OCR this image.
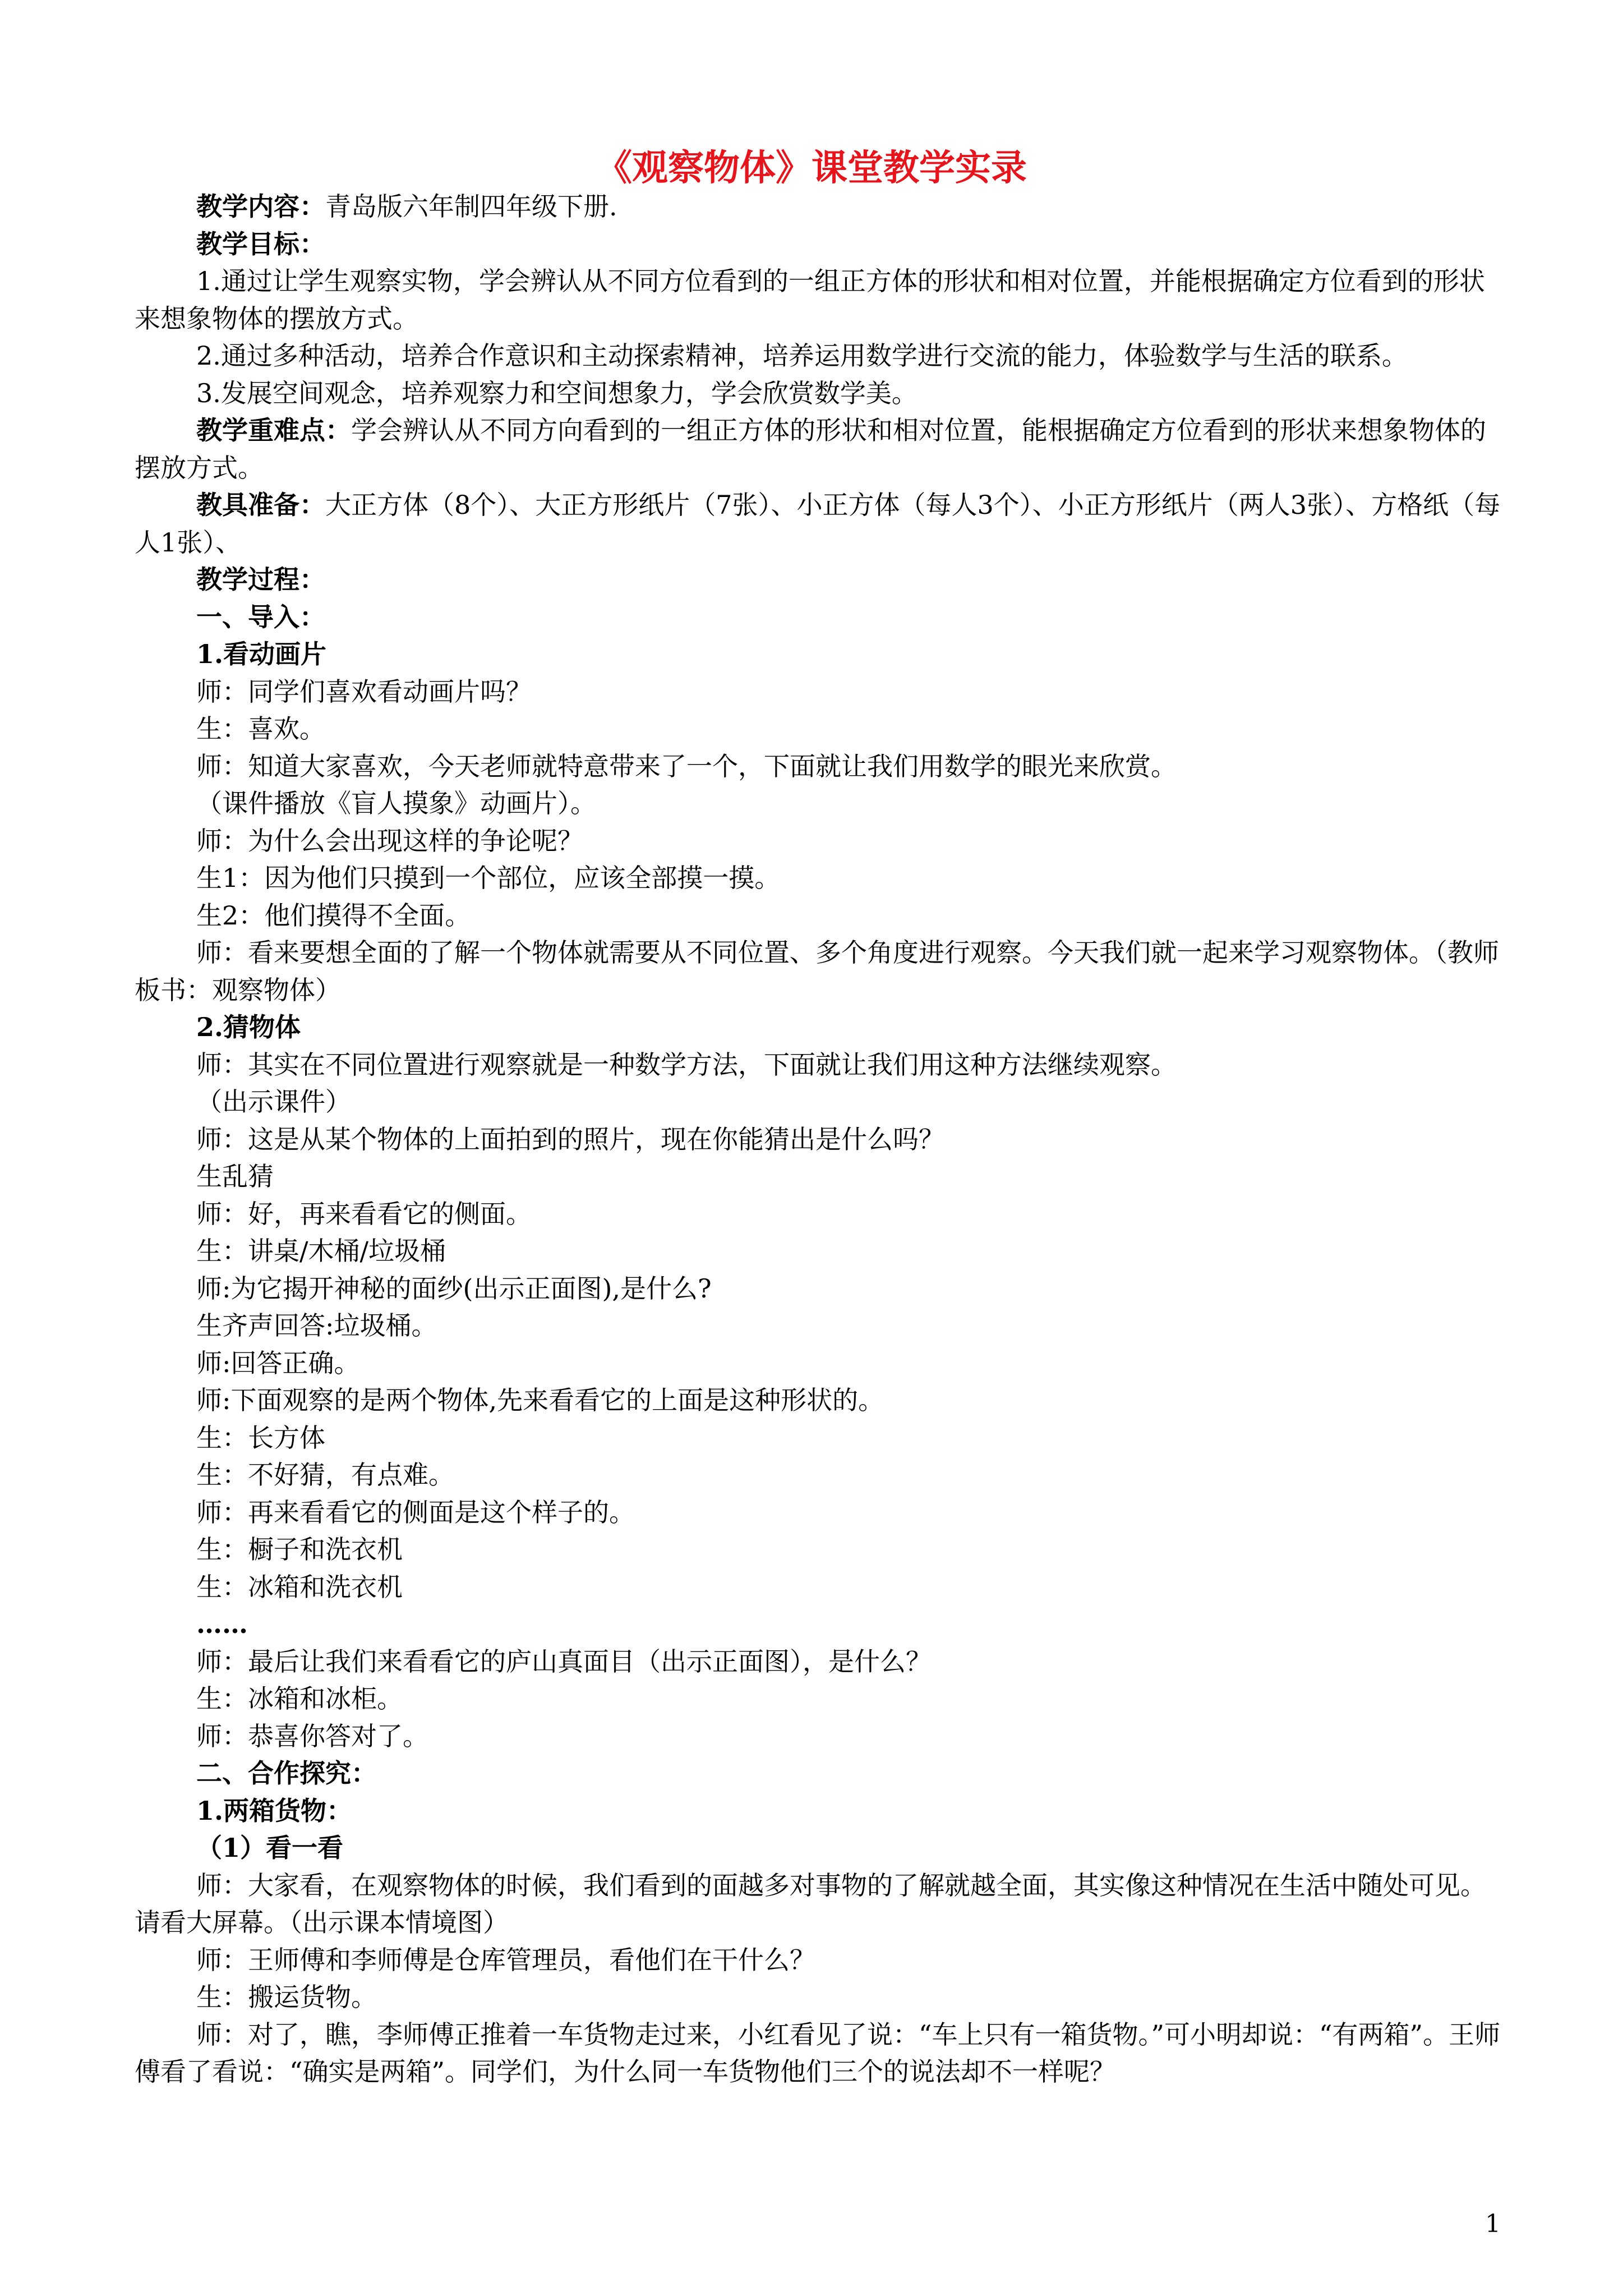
《观察物体》课堂教学实录

教学内容：青岛版六年制四年级下册.

教学目标：

1.通过让学生观察实物，学会辨认从不同方位看到的一组正方体的形状和相对位置，并能根据确定方位看到的形状来想象物体的摆放方式。

2.通过多种活动，培养合作意识和主动探索精神，培养运用数学进行交流的能力，体验数学与生活的联系。

3.发展空间观念，培养观察力和空间想象力，学会欣赏数学美。

教学重难点：学会辨认从不同方向看到的一组正方体的形状和相对位置，能根据确定方位看到的形状来想象物体的摆放方式。

教具准备：大正方体（8个）、大正方形纸片（7张）、小正方体（每人3个）、小正方形纸片（两人3张）、方格纸（每人1张）、

教学过程：

一、导入：

1.看动画片

师：同学们喜欢看动画片吗？

生：喜欢。

师：知道大家喜欢，今天老师就特意带来了一个，下面就让我们用数学的眼光来欣赏。

（课件播放《盲人摸象》动画片）。

师：为什么会出现这样的争论呢？

生1：因为他们只摸到一个部位，应该全部摸一摸。

生2：他们摸得不全面。

师：看来要想全面的了解一个物体就需要从不同位置、多个角度进行观察。今天我们就一起来学习观察物体。（教师板书：观察物体）

2.猜物体

师：其实在不同位置进行观察就是一种数学方法，下面就让我们用这种方法继续观察。

（出示课件）

师：这是从某个物体的上面拍到的照片，现在你能猜出是什么吗？

生乱猜

师：好，再来看看它的侧面。

生：讲桌/木桶/垃圾桶

师:为它揭开神秘的面纱(出示正面图),是什么?

生齐声回答:垃圾桶。

师:回答正确。

师:下面观察的是两个物体,先来看看它的上面是这种形状的。

生：长方体

生：不好猜，有点难。

师：再来看看它的侧面是这个样子的。

生：橱子和洗衣机

生：冰箱和洗衣机

……

师：最后让我们来看看它的庐山真面目（出示正面图），是什么？

生：冰箱和冰柜。

师：恭喜你答对了。

二、合作探究：

1.两箱货物：

（1）看一看

师：大家看，在观察物体的时候，我们看到的面越多对事物的了解就越全面，其实像这种情况在生活中随处可见。请看大屏幕。（出示课本情境图）

师：王师傅和李师傅是仓库管理员，看他们在干什么？

生：搬运货物。

师：对了，瞧，李师傅正推着一车货物走过来，小红看见了说：“车上只有一箱货物。”可小明却说：“有两箱”。王师傅看了看说：“确实是两箱”。同学们，为什么同一车货物他们三个的说法却不一样呢？

1
